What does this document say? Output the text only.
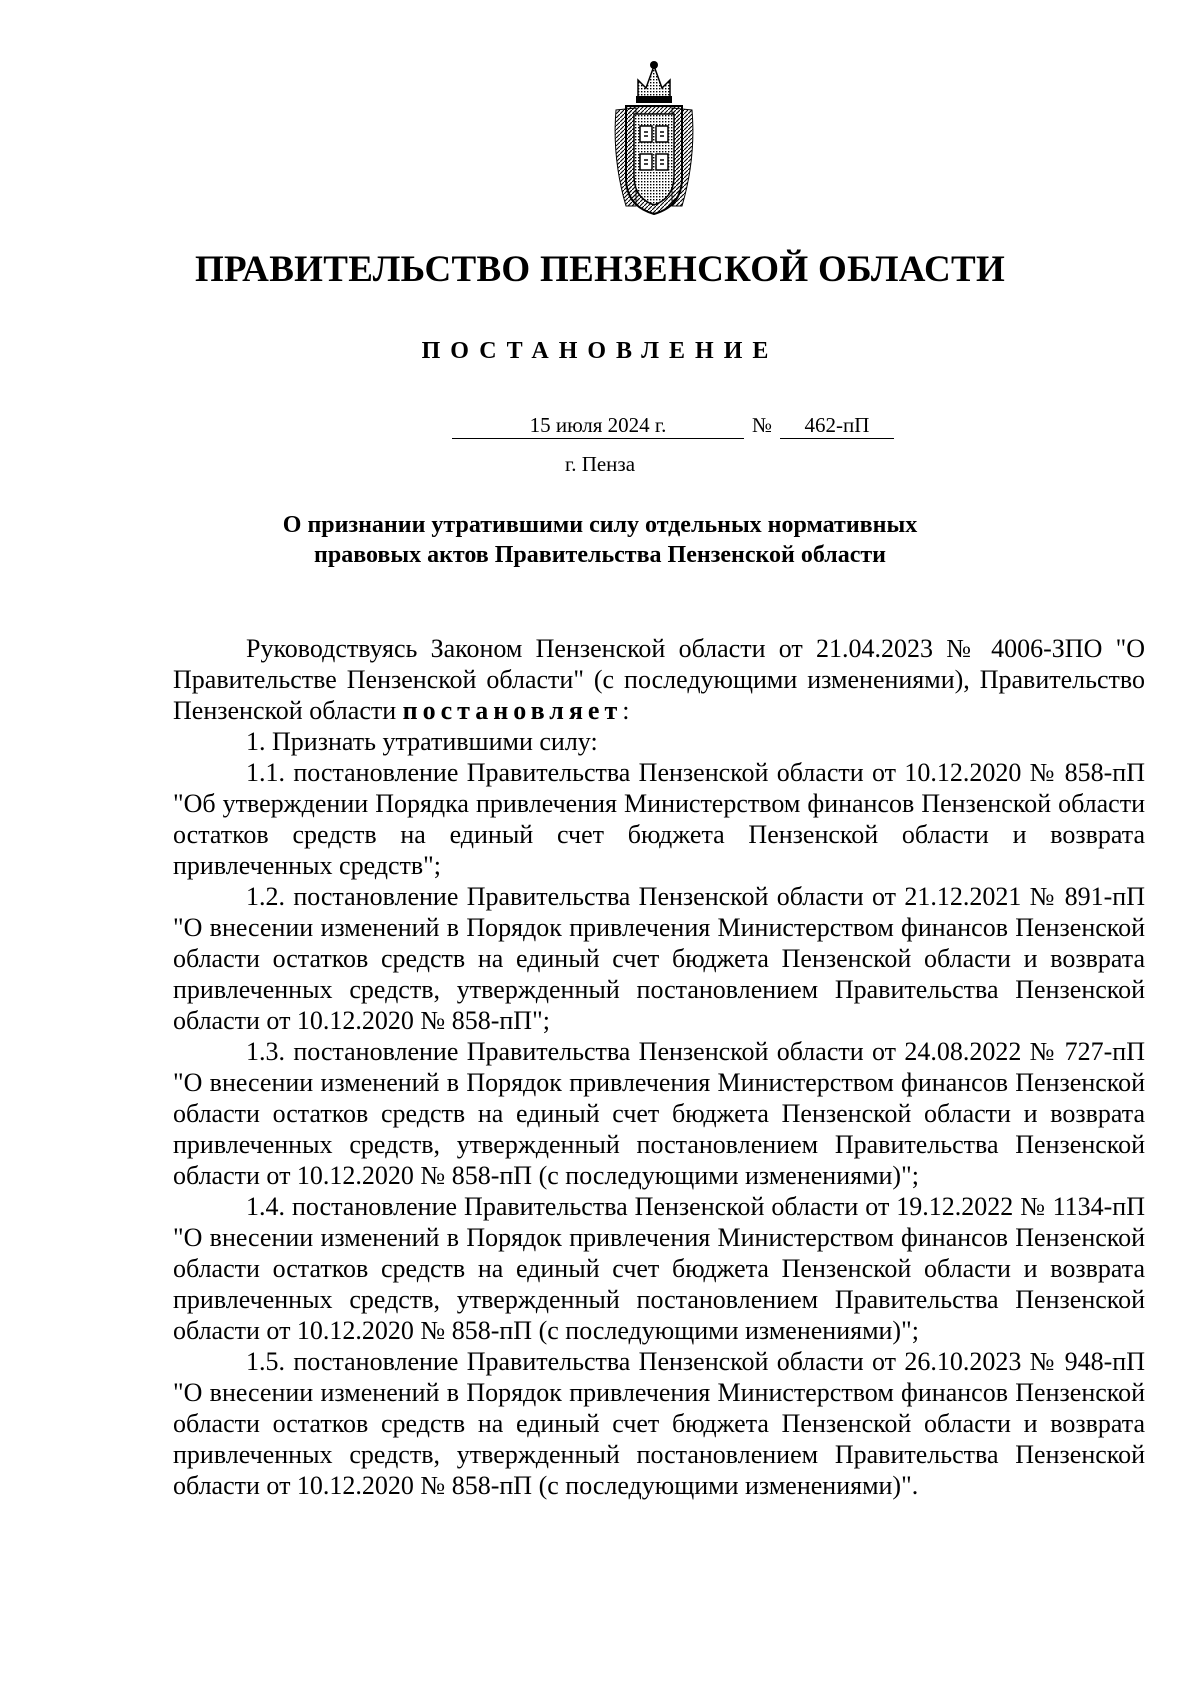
ПРАВИТЕЛЬСТВО ПЕНЗЕНСКОЙ ОБЛАСТИ
ПОСТАНОВЛЕНИЕ
15 июля 2024 г.	№	462-пП
г. Пенза
О признании утратившими силу отдельных нормативных
правовых актов Правительства Пензенской области

Руководствуясь Законом Пензенской области от 21.04.2023 № 4006-ЗПО "О Правительстве Пензенской области" (с последующими изменениями), Правительство Пензенской области постановляет:

1. Признать утратившими силу:

1.1. постановление Правительства Пензенской области от 10.12.2020 № 858-пП "Об утверждении Порядка привлечения Министерством финансов Пензенской области остатков средств на единый счет бюджета Пензенской области и возврата привлеченных средств";

1.2. постановление Правительства Пензенской области от 21.12.2021 № 891-пП "О внесении изменений в Порядок привлечения Министерством финансов Пензенской области остатков средств на единый счет бюджета Пензенской области и возврата привлеченных средств, утвержденный постановлением Правительства Пензенской области от 10.12.2020 № 858-пП";

1.3. постановление Правительства Пензенской области от 24.08.2022 № 727-пП "О внесении изменений в Порядок привлечения Министерством финансов Пензенской области остатков средств на единый счет бюджета Пензенской области и возврата привлеченных средств, утвержденный постановлением Правительства Пензенской области от 10.12.2020 № 858-пП (с последующими изменениями)";

1.4. постановление Правительства Пензенской области от 19.12.2022 № 1134-пП "О внесении изменений в Порядок привлечения Министерством финансов Пензенской области остатков средств на единый счет бюджета Пензенской области и возврата привлеченных средств, утвержденный постановлением Правительства Пензенской области от 10.12.2020 № 858-пП (с последующими изменениями)";

1.5. постановление Правительства Пензенской области от 26.10.2023 № 948-пП "О внесении изменений в Порядок привлечения Министерством финансов Пензенской области остатков средств на единый счет бюджета Пензенской области и возврата привлеченных средств, утвержденный постановлением Правительства Пензенской области от 10.12.2020 № 858-пП (с последующими изменениями)".
